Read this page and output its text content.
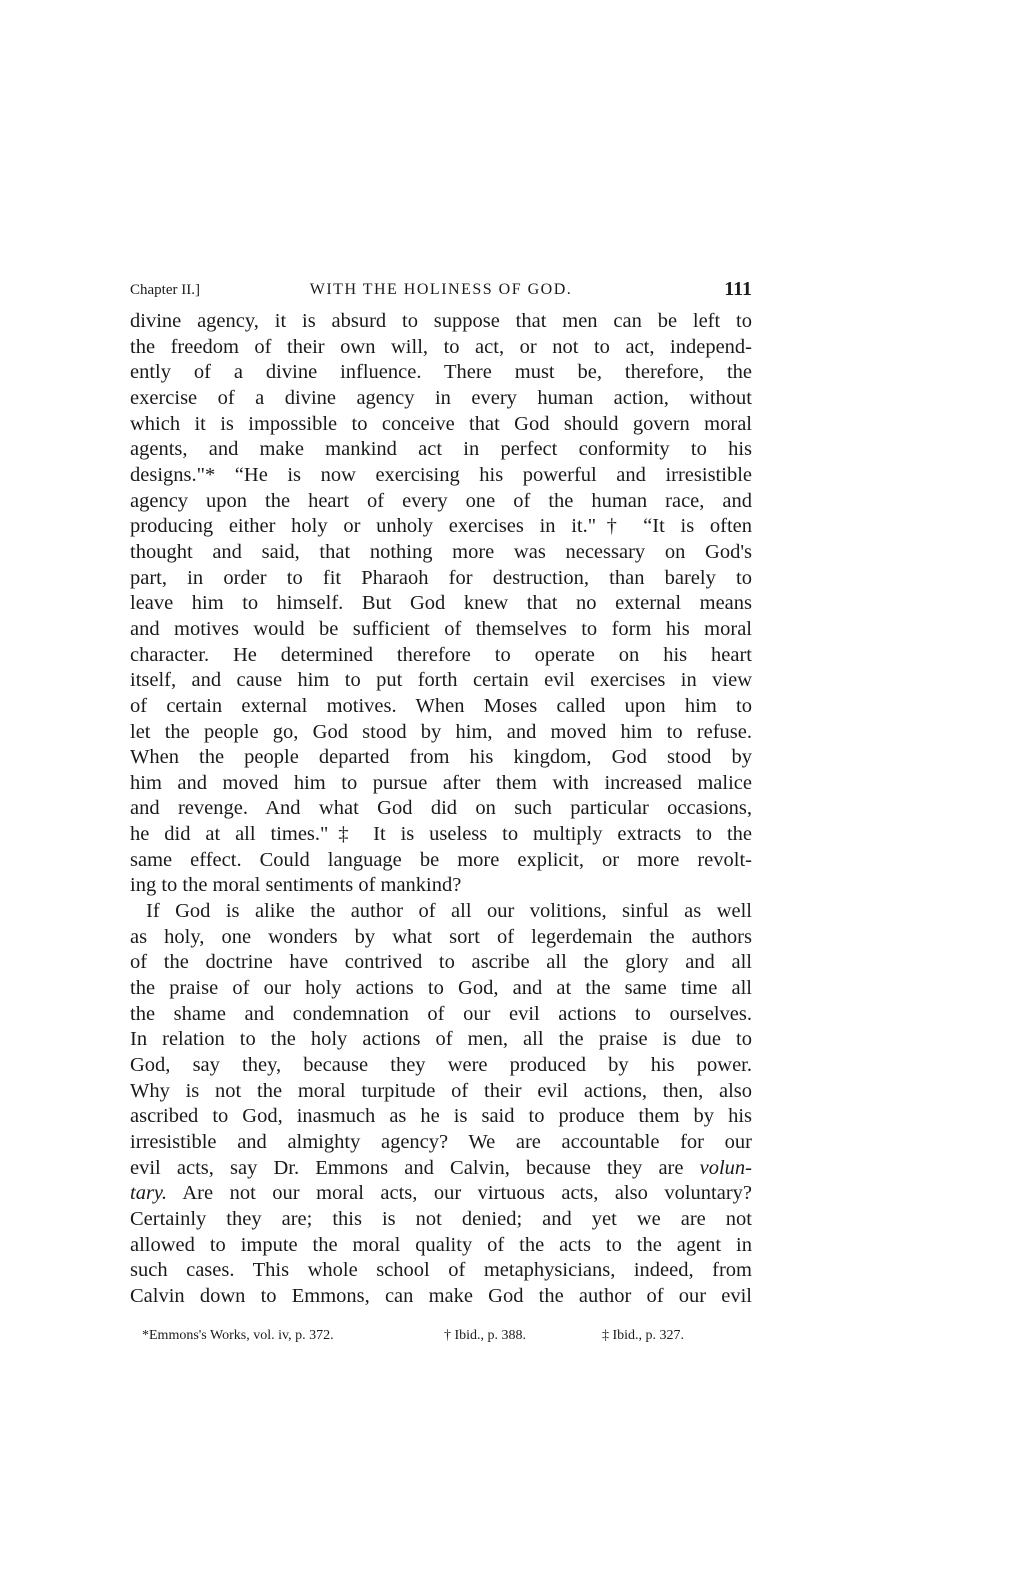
Chapter II.]	WITH THE HOLINESS OF GOD.	111
divine agency, it is absurd to suppose that men can be left to
the freedom of their own will, to act, or not to act, independ-
ently of a divine influence. There must be, therefore, the
exercise of a divine agency in every human action, without
which it is impossible to conceive that God should govern moral
agents, and make mankind act in perfect conformity to his
designs."* “He is now exercising his powerful and irresistible
agency upon the heart of every one of the human race, and
producing either holy or unholy exercises in it."† “It is often
thought and said, that nothing more was necessary on God's
part, in order to fit Pharaoh for destruction, than barely to
leave him to himself. But God knew that no external means
and motives would be sufficient of themselves to form his moral
character. He determined therefore to operate on his heart
itself, and cause him to put forth certain evil exercises in view
of certain external motives. When Moses called upon him to
let the people go, God stood by him, and moved him to refuse.
When the people departed from his kingdom, God stood by
him and moved him to pursue after them with increased malice
and revenge. And what God did on such particular occasions,
he did at all times."‡ It is useless to multiply extracts to the
same effect. Could language be more explicit, or more revolt-
ing to the moral sentiments of mankind?
If God is alike the author of all our volitions, sinful as well
as holy, one wonders by what sort of legerdemain the authors
of the doctrine have contrived to ascribe all the glory and all
the praise of our holy actions to God, and at the same time all
the shame and condemnation of our evil actions to ourselves.
In relation to the holy actions of men, all the praise is due to
God, say they, because they were produced by his power.
Why is not the moral turpitude of their evil actions, then, also
ascribed to God, inasmuch as he is said to produce them by his
irresistible and almighty agency? We are accountable for our
evil acts, say Dr. Emmons and Calvin, because they are volun-
tary. Are not our moral acts, our virtuous acts, also voluntary?
Certainly they are; this is not denied; and yet we are not
allowed to impute the moral quality of the acts to the agent in
such cases. This whole school of metaphysicians, indeed, from
Calvin down to Emmons, can make God the author of our evil
*Emmons's Works, vol. iv, p. 372.	† Ibid., p. 388.	‡ Ibid., p. 327.
